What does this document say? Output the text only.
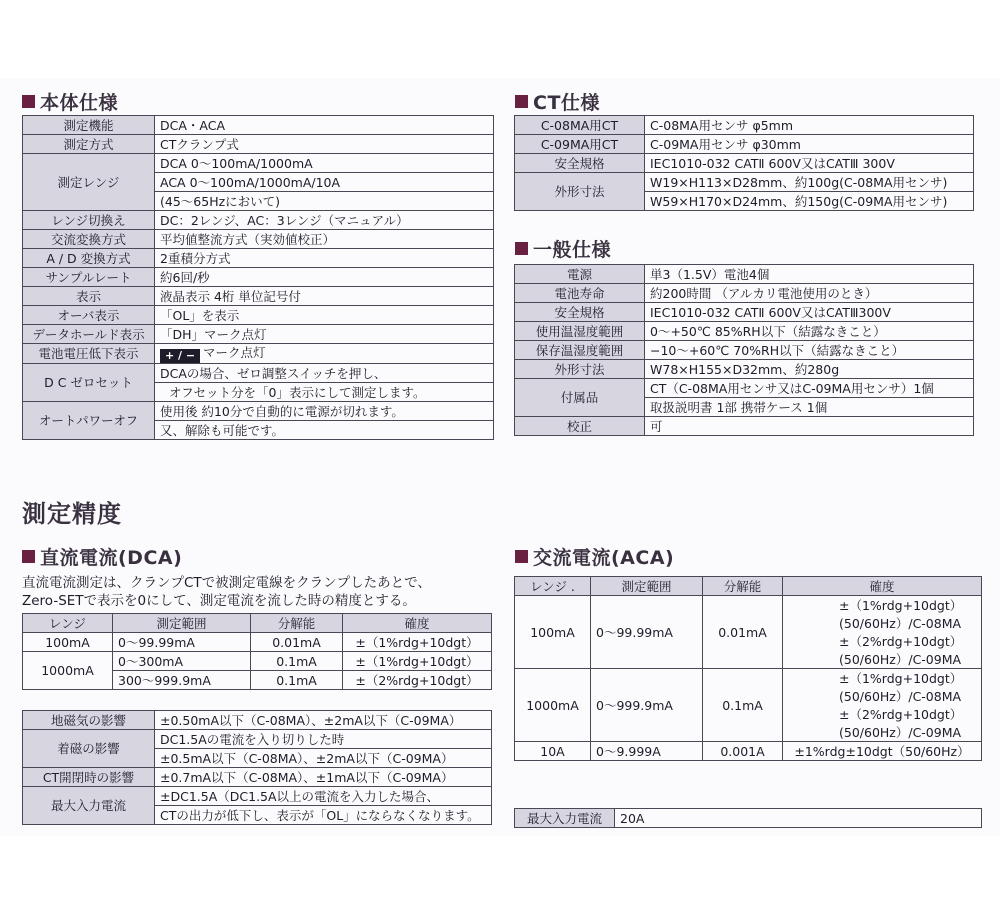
本体仕様
測定機能	DCA・ACA
測定方式	CTクランプ式
測定レンジ	DCA 0～100mA/1000mA
	ACA 0～100mA/1000mA/10A
	(45～65Hzにおいて)
レンジ切換え	DC：2レンジ、AC：3レンジ（マニュアル）
交流変換方式	平均値整流方式（実効値校正）
A / D 変換方式	2重積分方式
サンプルレート	約6回/秒
表示	液晶表示 4桁 単位記号付
オーバ表示	「OL」を表示
データホールド表示	「DH」マーク点灯
電池電圧低下表示	+ / − マーク点灯
D C ゼロセット	DCAの場合、ゼロ調整スイッチを押し、
	オフセット分を「0」表示にして測定します。
オートパワーオフ	使用後 約10分で自動的に電源が切れます。
	又、解除も可能です。
CT仕様
C-08MA用CT	C-08MA用センサ φ5mm
C-09MA用CT	C-09MA用センサ φ30mm
安全規格	IEC1010-032 CATⅡ 600V又はCATⅢ 300V
外形寸法	W19×H113×D28mm、約100g(C-08MA用センサ)
	W59×H170×D24mm、約150g(C-09MA用センサ)
一般仕様
電源	単3（1.5V）電池4個
電池寿命	約200時間 （アルカリ電池使用のとき）
安全規格	IEC1010-032 CATⅡ 600V又はCATⅢ300V
使用温湿度範囲	0～+50℃ 85%RH以下（結露なきこと）
保存温湿度範囲	−10～+60℃ 70%RH以下（結露なきこと）
外形寸法	W78×H155×D32mm、約280g
付属品	CT（C-08MA用センサ又はC-09MA用センサ）1個
	取扱説明書 1部 携帯ケース 1個
校正	可
測定精度
直流電流(DCA)
直流電流測定は、クランプCTで被測定電線をクランプしたあとで、
Zero-SETで表示を0にして、測定電流を流した時の精度とする。
レンジ	測定範囲	分解能	確度
100mA	0～99.99mA	0.01mA	±（1%rdg+10dgt）
1000mA	0～300mA	0.1mA	±（1%rdg+10dgt）
	300～999.9mA	0.1mA	±（2%rdg+10dgt）
地磁気の影響	±0.50mA以下（C-08MA）、±2mA以下（C-09MA）
着磁の影響	DC1.5Aの電流を入り切りした時
	±0.5mA以下（C-08MA）、±2mA以下（C-09MA）
CT開閉時の影響	±0.7mA以下（C-08MA）、±1mA以下（C-09MA）
最大入力電流	±DC1.5A（DC1.5A以上の電流を入力した場合、
	CTの出力が低下し、表示が「OL」にならなくなります。
交流電流(ACA)
レンジ .	測定範囲	分解能	確度
100mA	0～99.99mA	0.01mA	±（1%rdg+10dgt）
			(50/60Hz）/C-08MA
			±（2%rdg+10dgt）
			(50/60Hz）/C-09MA
1000mA	0～999.9mA	0.1mA	±（1%rdg+10dgt）
			(50/60Hz）/C-08MA
			±（2%rdg+10dgt）
			(50/60Hz）/C-09MA
10A	0～9.999A	0.001A	±1%rdg±10dgt（50/60Hz）
最大入力電流	20A
